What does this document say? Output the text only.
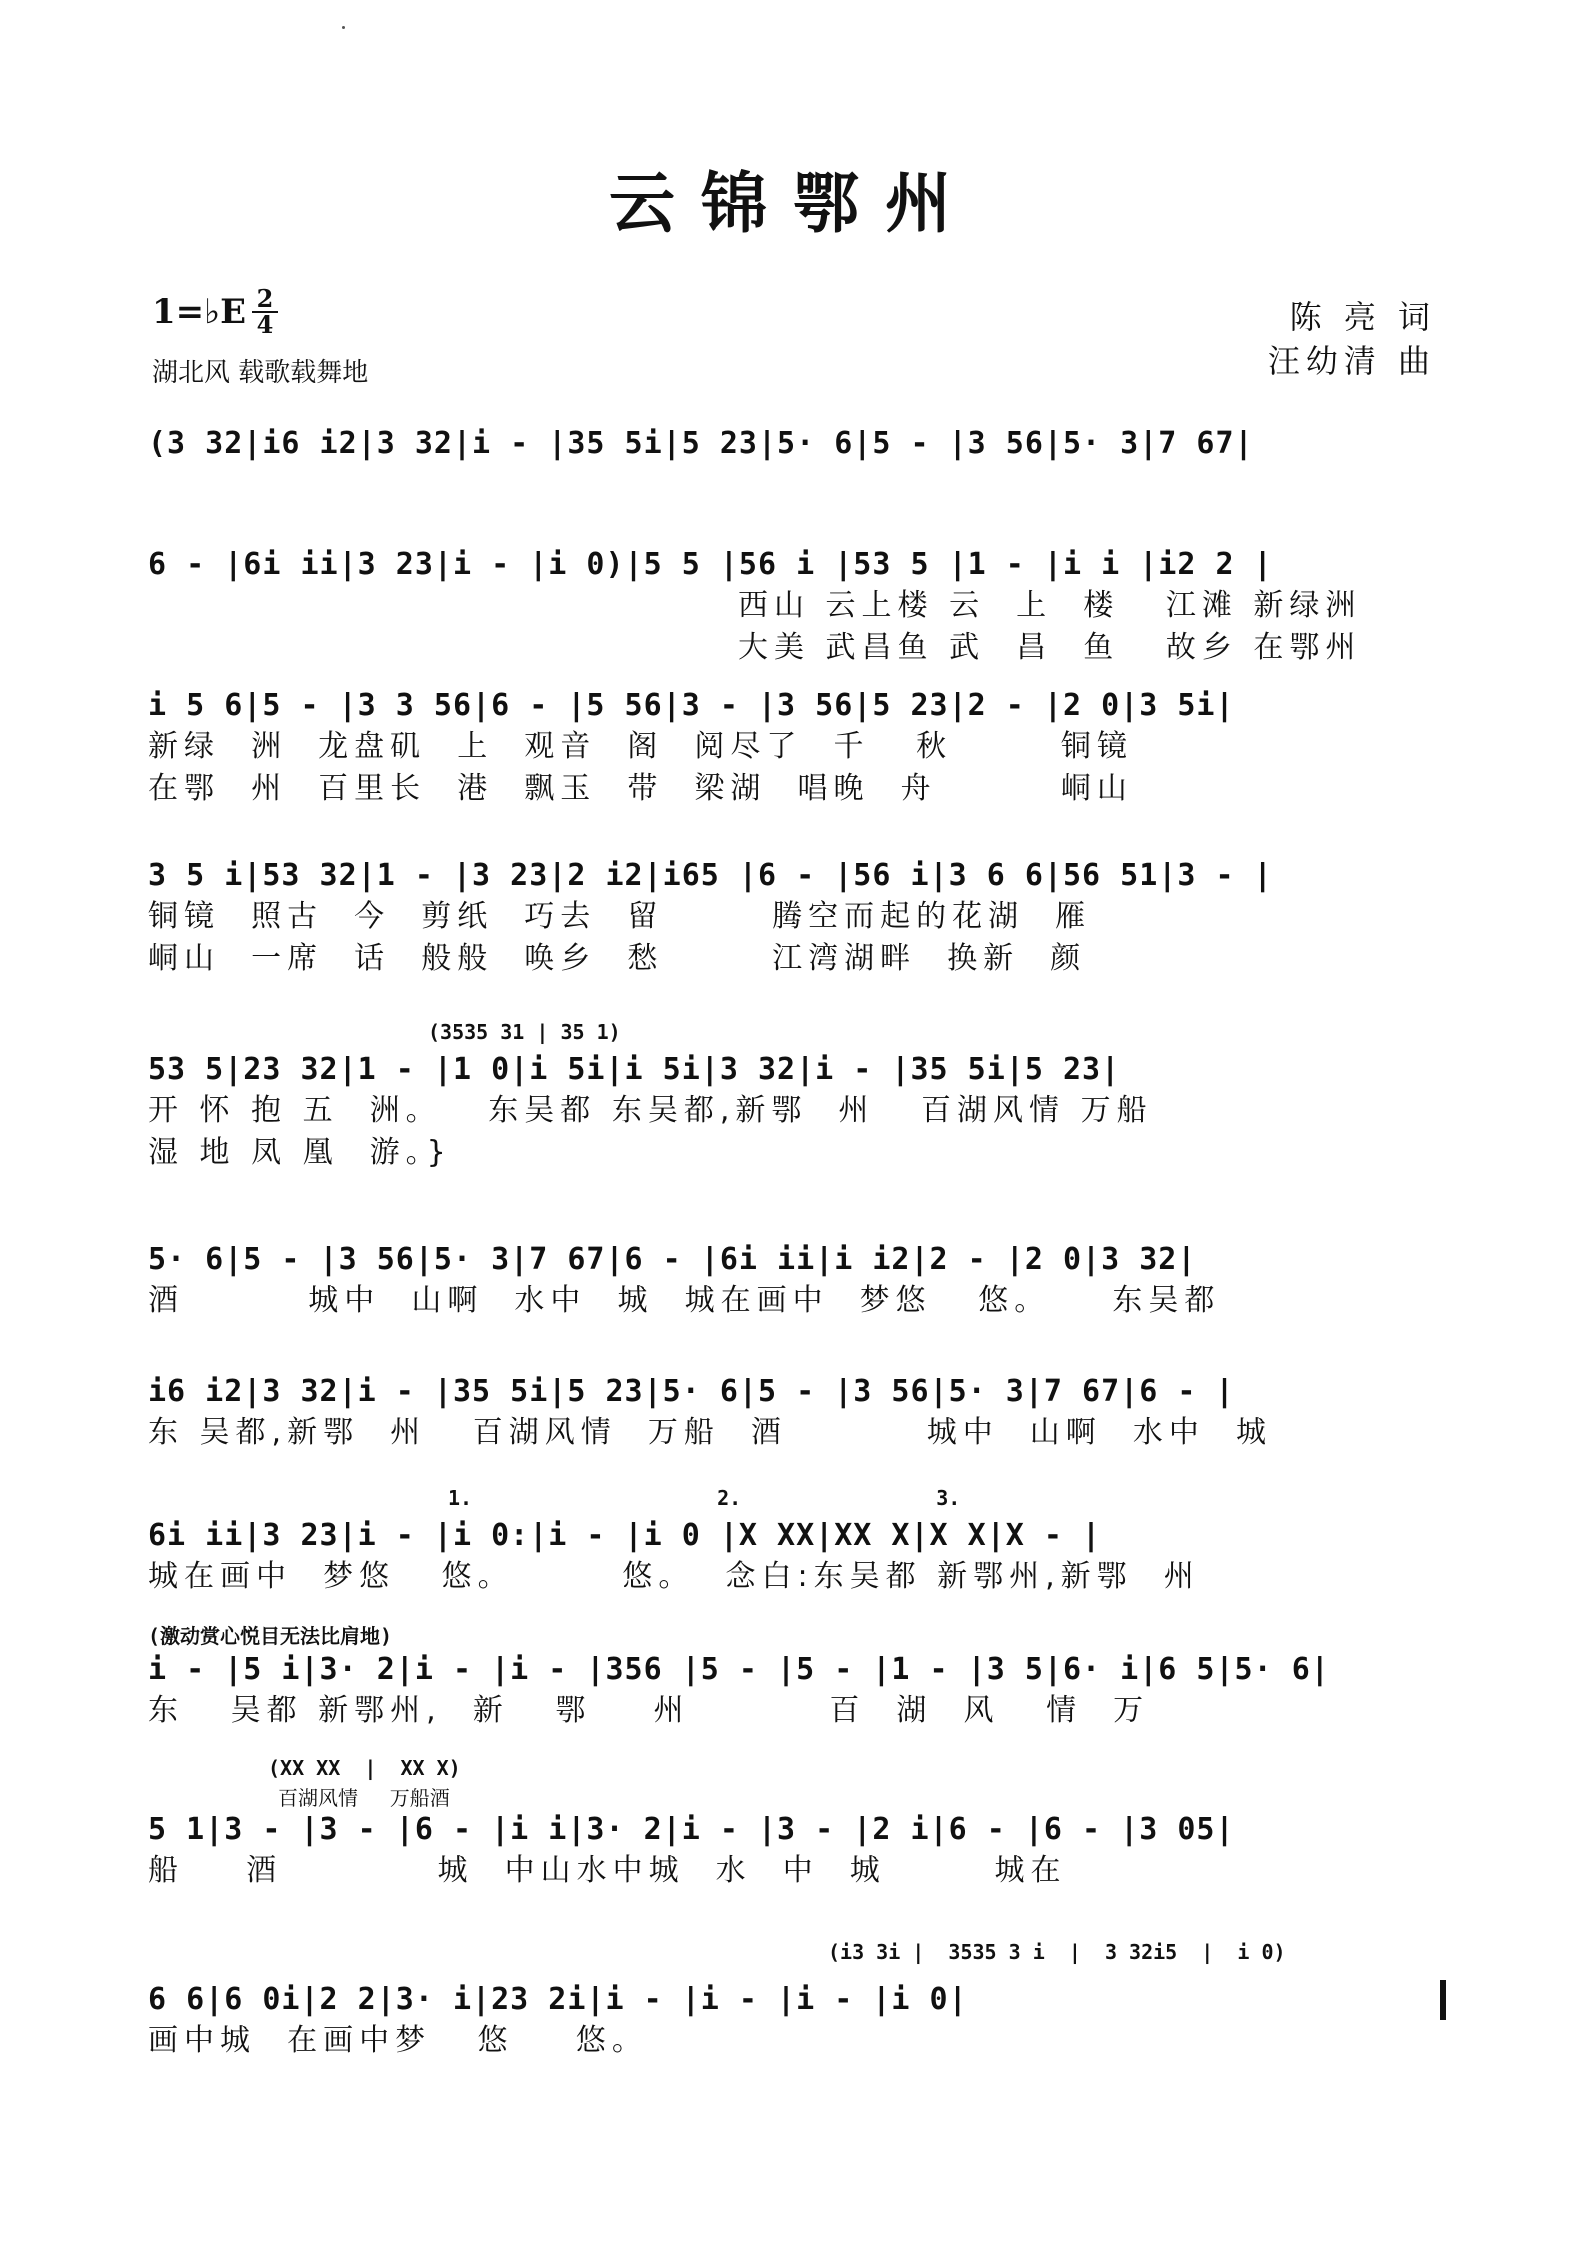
云锦鄂州
1=♭E 2
4
湖北风 载歌载舞地
陈 亮 词
汪幼清 曲
(3 32|i6 i2|3 32|i - |35 5i|5 23|5· 6|5 - |3 56|5· 3|7 67|
6 - |6i ii|3 23|i - |i 0)|5 5 |56 i |53 5 |1 - |i i |i2 2 |
西山 云上楼 云  上  楼   江滩 新绿洲
大美 武昌鱼 武  昌  鱼   故乡 在鄂州
i 5 6|5 - |3 3 56|6 - |5 56|3 - |3 56|5 23|2 - |2 0|3 5i|
新绿  洲  龙盘矶  上  观音  阁  阅尽了  千   秋       铜镜
在鄂  州  百里长  港  飘玉  带  梁湖  唱晚  舟        峒山
3 5 i|53 32|1 - |3 23|2 i2|i65 |6 - |56 i|3 6 6|56 51|3 - |
铜镜  照古  今  剪纸  巧去  留       腾空而起的花湖  雁
峒山  一席  话  般般  唤乡  愁       江湾湖畔  换新  颜
(3535 31 | 35 1)
53 5|23 32|1 - |1 0|i 5i|i 5i|3 32|i - |35 5i|5 23|
开 怀 抱 五  洲。   东吴都 东吴都,新鄂  州   百湖风情 万船
湿 地 凤 凰  游。}
5· 6|5 - |3 56|5· 3|7 67|6 - |6i ii|i i2|2 - |2 0|3 32|
酒        城中  山啊  水中  城  城在画中  梦悠   悠。    东吴都
i6 i2|3 32|i - |35 5i|5 23|5· 6|5 - |3 56|5· 3|7 67|6 - |
东 吴都,新鄂  州   百湖风情  万船  酒         城中  山啊  水中  城
1.	2.	3.
6i ii|3 23|i - |i 0:|i - |i 0 |X XX|XX X|X X|X - |
城在画中  梦悠   悠。       悠。  念白:东吴都 新鄂州,新鄂  州
(激动赏心悦目无法比肩地)
i - |5 i|3· 2|i - |i - |356 |5 - |5 - |1 - |3 5|6· i|6 5|5· 6|
东   吴都 新鄂州,  新   鄂    州         百  湖  风   情  万
(XX XX  |  XX X)
百湖风情     万船酒
5 1|3 - |3 - |6 - |i i|3· 2|i - |3 - |2 i|6 - |6 - |3 05|
船    酒          城  中山水中城  水  中  城       城在
(i3 3i |  3535 3 i  |  3 32i5  |  i 0)
6 6|6 0i|2 2|3· i|23 2i|i - |i - |i - |i 0|
画中城  在画中梦   悠    悠。
